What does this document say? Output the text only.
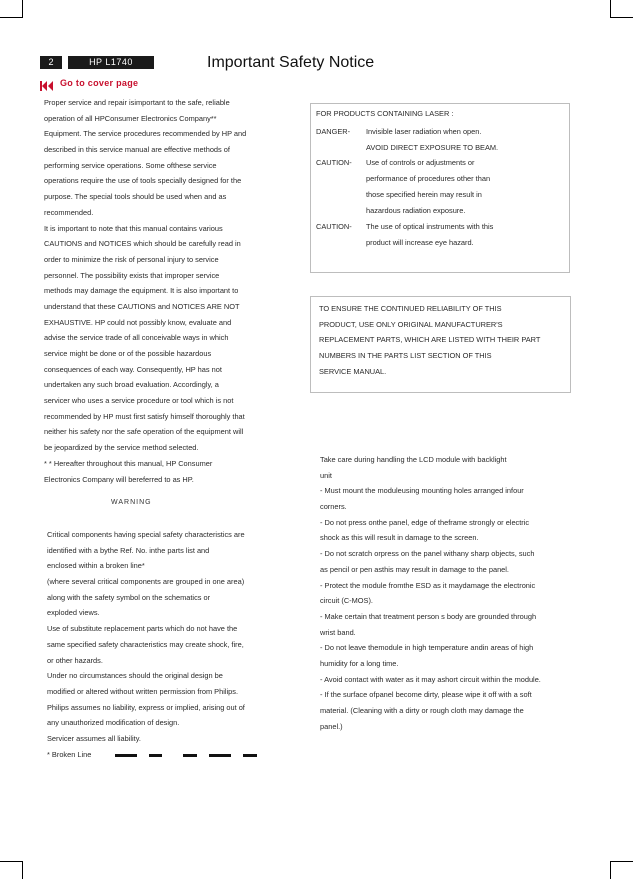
2	HP L1740	Important Safety Notice
Go to cover page

Proper service and repair isimportant to the safe, reliable

operation of all HPConsumer Electronics Company**

Equipment. The service procedures recommended by HP and

described in this service manual are effective methods of

performing service operations. Some ofthese service

operations require the use of tools specially designed for the

purpose. The special tools should be used when and as

recommended.

It is important to note that this manual contains various

CAUTIONS and NOTICES which should be carefully read in

order to minimize the risk of personal injury to service

personnel. The possibility exists that improper service

methods may damage the equipment. It is also important to

understand that these CAUTIONS and NOTICES ARE NOT

EXHAUSTIVE. HP could not possibly know, evaluate and

advise the service trade of all conceivable ways in which

service might be done or of the possible hazardous

consequences of each way. Consequently, HP has not

undertaken any such broad evaluation. Accordingly, a

servicer who uses a service procedure or tool which is not

recommended by HP must first satisfy himself thoroughly that

neither his safety nor the safe operation of the equipment will

be jeopardized by the service method selected.

* * Hereafter throughout this manual, HP Consumer

Electronics Company will bereferred to as HP.

WARNING

Critical components having special safety characteristics are

identified with a bythe Ref. No. inthe parts list and

enclosed within a broken line*

(where several critical components are grouped in one area)

along with the safety symbol on the schematics or

exploded views.

Use of substitute replacement parts which do not have the

same specified safety characteristics may create shock, fire,

or other hazards.

Under no circumstances should the original design be

modified or altered without written permission from Philips.

Philips assumes no liability, express or implied, arising out of

any unauthorized modification of design.

Servicer assumes all liability.

* Broken Line

FOR PRODUCTS CONTAINING LASER :
DANGER- Invisible laser radiation when open.
AVOID DIRECT EXPOSURE TO BEAM.
CAUTION- Use of controls or adjustments or
performance of procedures other than
those specified herein may result in
hazardous radiation exposure.
CAUTION- The use of optical instruments with this
product will increase eye hazard.

TO ENSURE THE CONTINUED RELIABILITY OF THIS

PRODUCT, USE ONLY ORIGINAL MANUFACTURER'S

REPLACEMENT PARTS, WHICH ARE LISTED WITH THEIR PART

NUMBERS IN THE PARTS LIST SECTION OF THIS

SERVICE MANUAL.

Take care during handling the LCD module with backlight

unit

- Must mount the moduleusing mounting holes arranged infour

corners.

- Do not press onthe panel, edge of theframe strongly or electric

shock as this will result in damage to the screen.

- Do not scratch orpress on the panel withany sharp objects, such

as pencil or pen asthis may result in damage to the panel.

- Protect the module fromthe ESD as it maydamage the electronic

circuit (C-MOS).

- Make certain that treatment person s body are grounded through

wrist band.

- Do not leave themodule in high temperature andin areas of high

humidity for a long time.

- Avoid contact with water as it may ashort circuit within the module.

- If the surface ofpanel become dirty, please wipe it off with a soft

material. (Cleaning with a dirty or rough cloth may damage the

panel.)
